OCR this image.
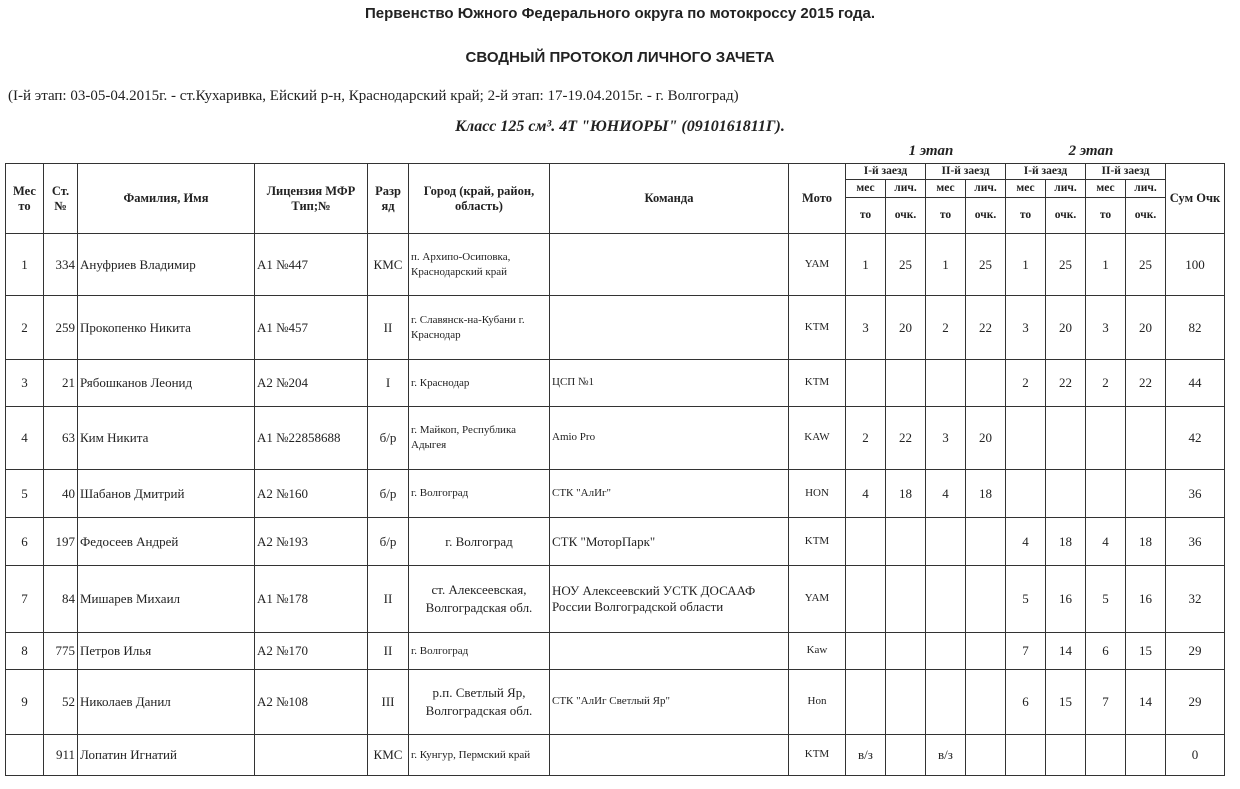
Первенство Южного Федерального округа по мотокроссу 2015 года.
СВОДНЫЙ ПРОТОКОЛ ЛИЧНОГО ЗАЧЕТА
(I-й этап: 03-05-04.2015г. - ст.Кухаривка, Ейский р-н, Краснодарский край; 2-й этап: 17-19.04.2015г. - г. Волгоград)
Класс 125 см³. 4Т "ЮНИОРЫ" (0910161811Г).
1 этап	2 этап
Мес то	Ст. №	Фамилия, Имя	Лицензия МФР Тип;№	Разр яд	Город (край, район, область)	Команда	Мото	I-й заезд		II-й заезд		I-й заезд		II-й заезд		Сум Очк
								мес	лич.	мес	лич.	мес	лич.	мес	лич.	
								то	очк.	то	очк.	то	очк.	то	очк.	
1	334	Ануфриев Владимир	А1 №447	КМС	п. Архипо-Осиповка, Краснодарский край		YAM	1	25	1	25	1	25	1	25	100
2	259	Прокопенко Никита	А1 №457	II	г. Славянск-на-Кубани г. Краснодар		KTM	3	20	2	22	3	20	3	20	82
3	21	Рябошканов Леонид	А2 №204	I	г. Краснодар	ЦСП №1	KTM					2	22	2	22	44
4	63	Ким Никита	А1 №22858688	б/р	г. Майкоп, Республика Адыгея	Amio Pro	KAW	2	22	3	20					42
5	40	Шабанов Дмитрий	А2 №160	б/р	г. Волгоград	СТК "АлИг"	HON	4	18	4	18					36
6	197	Федосеев Андрей	А2 №193	б/р	г. Волгоград	СТК "МоторПарк"	KTM					4	18	4	18	36
7	84	Мишарев Михаил	А1 №178	II	ст. Алексеевская, Волгоградская обл.	НОУ Алексеевский УСТК ДОСААФ России Волгоградской области	YAM					5	16	5	16	32
8	775	Петров Илья	А2 №170	II	г. Волгоград		Kaw					7	14	6	15	29
9	52	Николаев Данил	А2 №108	III	р.п. Светлый Яр, Волгоградская обл.	СТК "АлИг Светлый Яр"	Hon					6	15	7	14	29
	911	Лопатин Игнатий		КМС	г. Кунгур, Пермский край		KTM	в/з		в/з						0
